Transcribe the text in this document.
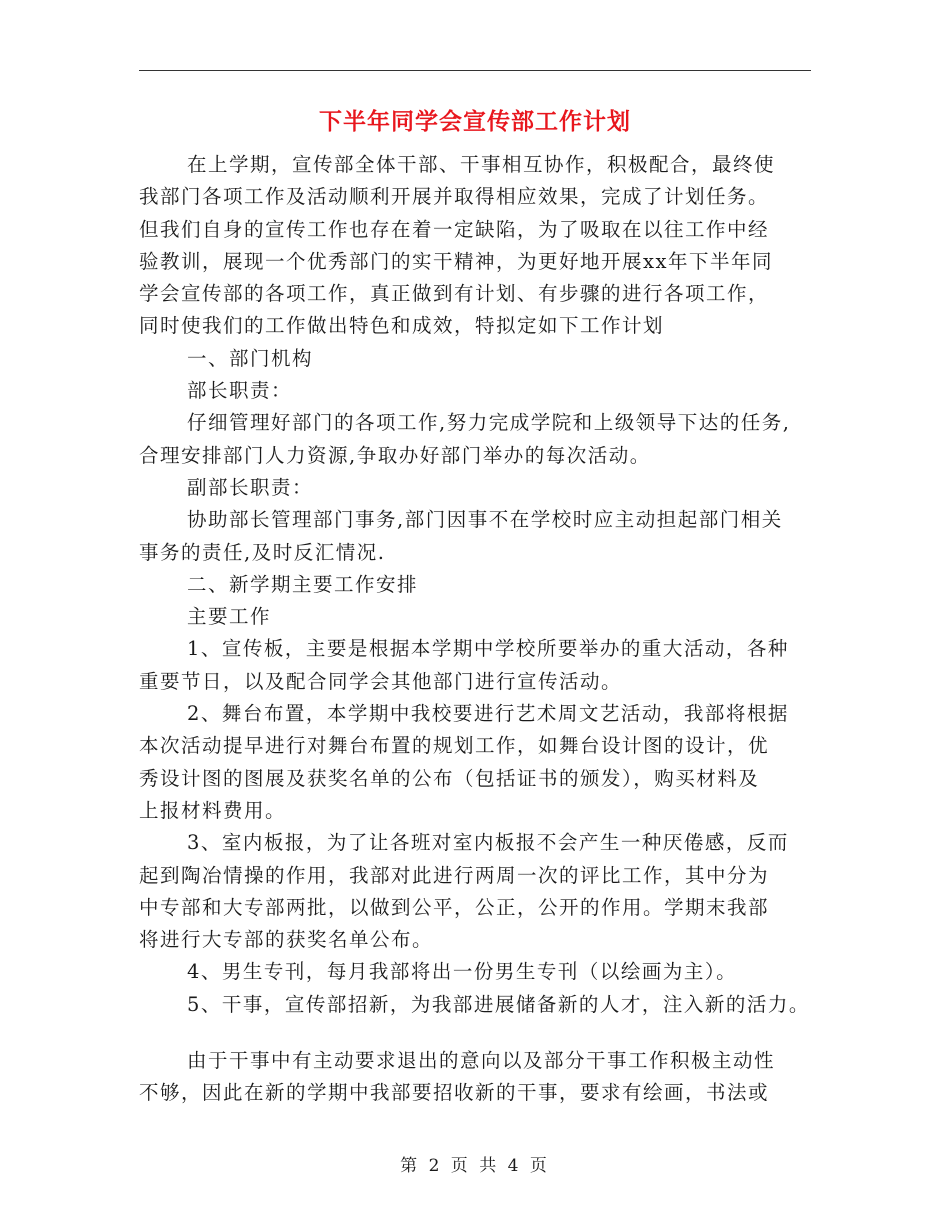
下半年同学会宣传部工作计划
在上学期，宣传部全体干部、干事相互协作，积极配合，最终使
我部门各项工作及活动顺利开展并取得相应效果，完成了计划任务。
但我们自身的宣传工作也存在着一定缺陷，为了吸取在以往工作中经
验教训，展现一个优秀部门的实干精神，为更好地开展xx年下半年同
学会宣传部的各项工作，真正做到有计划、有步骤的进行各项工作，
同时使我们的工作做出特色和成效，特拟定如下工作计划
一、部门机构
部长职责：
仔细管理好部门的各项工作,努力完成学院和上级领导下达的任务,
合理安排部门人力资源,争取办好部门举办的每次活动。
副部长职责：
协助部长管理部门事务,部门因事不在学校时应主动担起部门相关
事务的责任,及时反汇情况.
二、新学期主要工作安排
主要工作
1、宣传板，主要是根据本学期中学校所要举办的重大活动，各种
重要节日，以及配合同学会其他部门进行宣传活动。
2、舞台布置，本学期中我校要进行艺术周文艺活动，我部将根据
本次活动提早进行对舞台布置的规划工作，如舞台设计图的设计，优
秀设计图的图展及获奖名单的公布（包括证书的颁发），购买材料及
上报材料费用。
3、室内板报，为了让各班对室内板报不会产生一种厌倦感，反而
起到陶冶情操的作用，我部对此进行两周一次的评比工作，其中分为
中专部和大专部两批，以做到公平，公正，公开的作用。学期末我部
将进行大专部的获奖名单公布。
4、男生专刊，每月我部将出一份男生专刊（以绘画为主）。
5、干事，宣传部招新，为我部进展储备新的人才，注入新的活力。
由于干事中有主动要求退出的意向以及部分干事工作积极主动性
不够，因此在新的学期中我部要招收新的干事，要求有绘画，书法或
第 2 页 共 4 页
